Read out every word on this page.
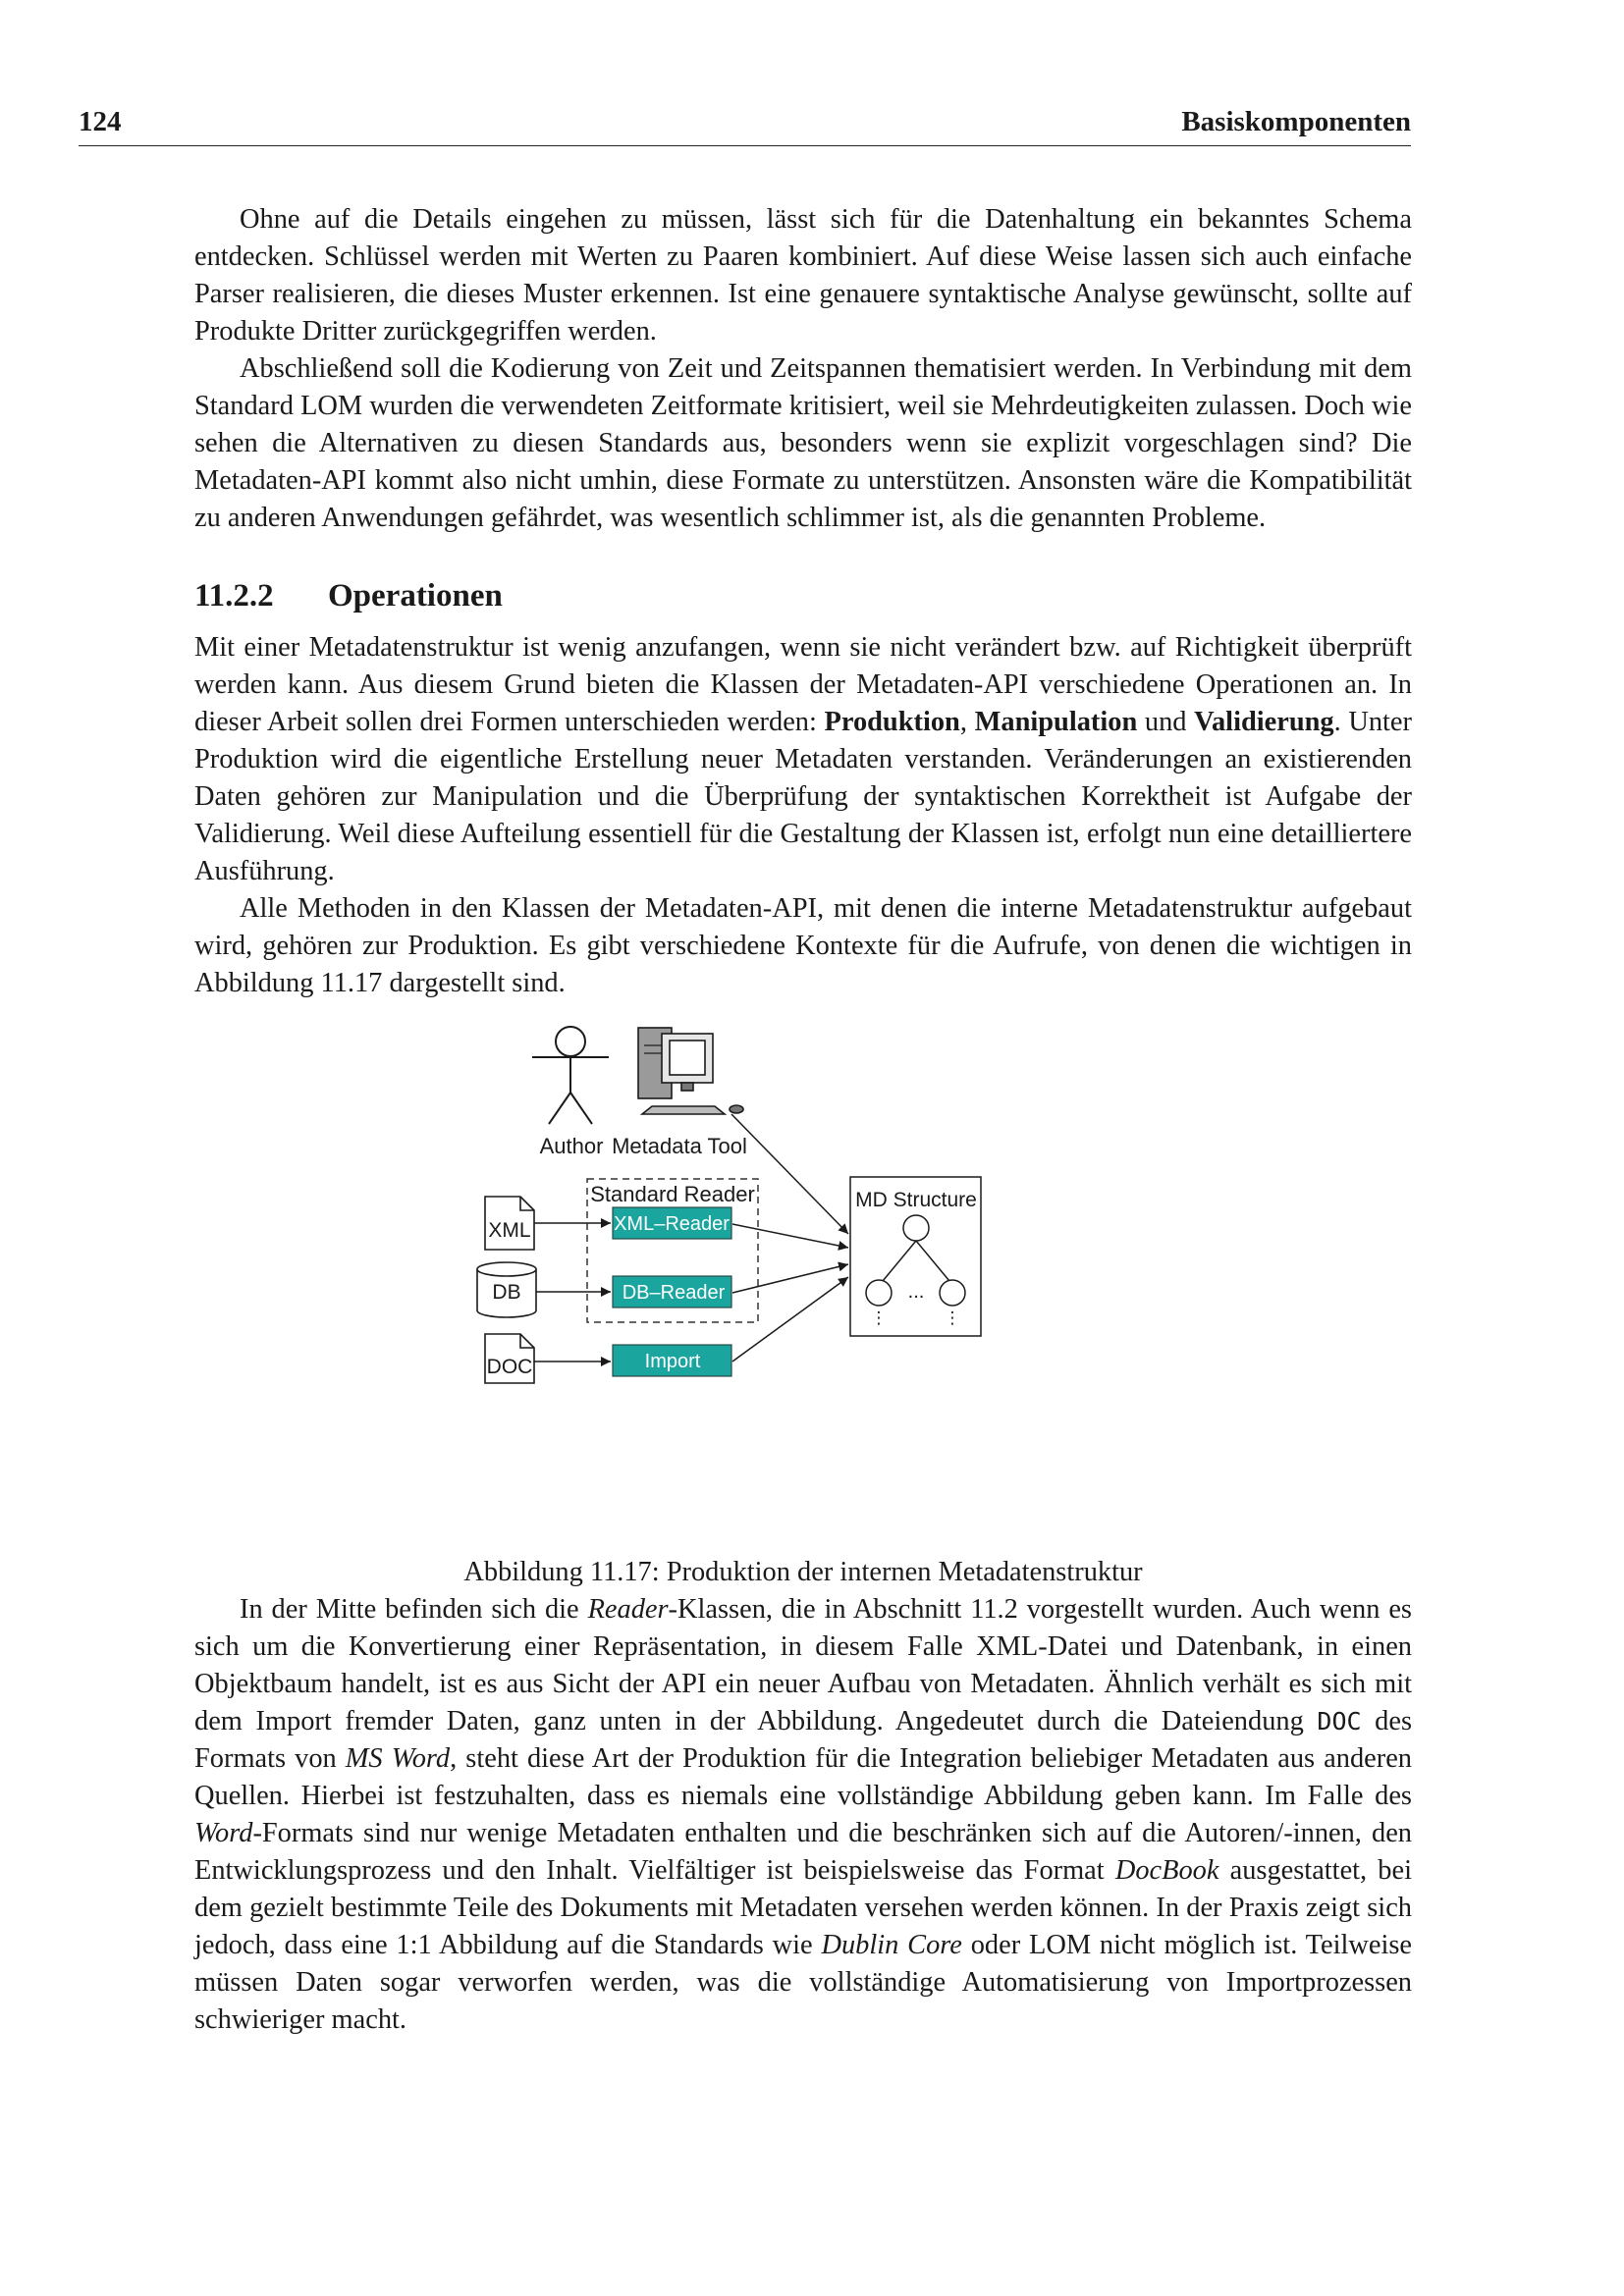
124	Basiskomponenten

Ohne auf die Details eingehen zu müssen, lässt sich für die Datenhaltung ein bekanntes Schema entdecken. Schlüssel werden mit Werten zu Paaren kombiniert. Auf diese Weise lassen sich auch einfache Parser realisieren, die dieses Muster erkennen. Ist eine genauere syntaktische Analyse gewünscht, sollte auf Produkte Dritter zurückgegriffen werden.

Abschließend soll die Kodierung von Zeit und Zeitspannen thematisiert werden. In Verbindung mit dem Standard LOM wurden die verwendeten Zeitformate kritisiert, weil sie Mehrdeutigkeiten zulassen. Doch wie sehen die Alternativen zu diesen Standards aus, besonders wenn sie explizit vorgeschlagen sind? Die Metadaten-API kommt also nicht umhin, diese Formate zu unterstützen. Ansonsten wäre die Kompatibilität zu anderen Anwendungen gefährdet, was wesentlich schlimmer ist, als die genannten Probleme.

11.2.2 Operationen

Mit einer Metadatenstruktur ist wenig anzufangen, wenn sie nicht verändert bzw. auf Richtigkeit überprüft werden kann. Aus diesem Grund bieten die Klassen der Metadaten-API verschiedene Operationen an. In dieser Arbeit sollen drei Formen unterschieden werden: Produktion, Manipulation und Validierung. Unter Produktion wird die eigentliche Erstellung neuer Metadaten verstanden. Veränderungen an existierenden Daten gehören zur Manipulation und die Überprüfung der syntaktischen Korrektheit ist Aufgabe der Validierung. Weil diese Aufteilung essentiell für die Gestaltung der Klassen ist, erfolgt nun eine detailliertere Ausführung.

Alle Methoden in den Klassen der Metadaten-API, mit denen die interne Metadatenstruktur aufgebaut wird, gehören zur Produktion. Es gibt verschiedene Kontexte für die Aufrufe, von denen die wichtigen in Abbildung 11.17 dargestellt sind.

Author Metadata Tool
Standard Reader
XML
DB
DOC
XML–Reader
DB–Reader
Import
MD Structure
...
⋮	⋮

Abbildung 11.17: Produktion der internen Metadatenstruktur

In der Mitte befinden sich die Reader-Klassen, die in Abschnitt 11.2 vorgestellt wurden. Auch wenn es sich um die Konvertierung einer Repräsentation, in diesem Falle XML-Datei und Datenbank, in einen Objektbaum handelt, ist es aus Sicht der API ein neuer Aufbau von Metadaten. Ähnlich verhält es sich mit dem Import fremder Daten, ganz unten in der Abbildung. Angedeutet durch die Dateiendung DOC des Formats von MS Word, steht diese Art der Produktion für die Integration beliebiger Metadaten aus anderen Quellen. Hierbei ist festzuhalten, dass es niemals eine vollständige Abbildung geben kann. Im Falle des Word-Formats sind nur wenige Metadaten enthalten und die beschränken sich auf die Autoren/-innen, den Entwicklungsprozess und den Inhalt. Vielfältiger ist beispielsweise das Format DocBook ausgestattet, bei dem gezielt bestimmte Teile des Dokuments mit Metadaten versehen werden können. In der Praxis zeigt sich jedoch, dass eine 1:1 Abbildung auf die Standards wie Dublin Core oder LOM nicht möglich ist. Teilweise müssen Daten sogar verworfen werden, was die vollständige Automatisierung von Importprozessen schwieriger macht.
